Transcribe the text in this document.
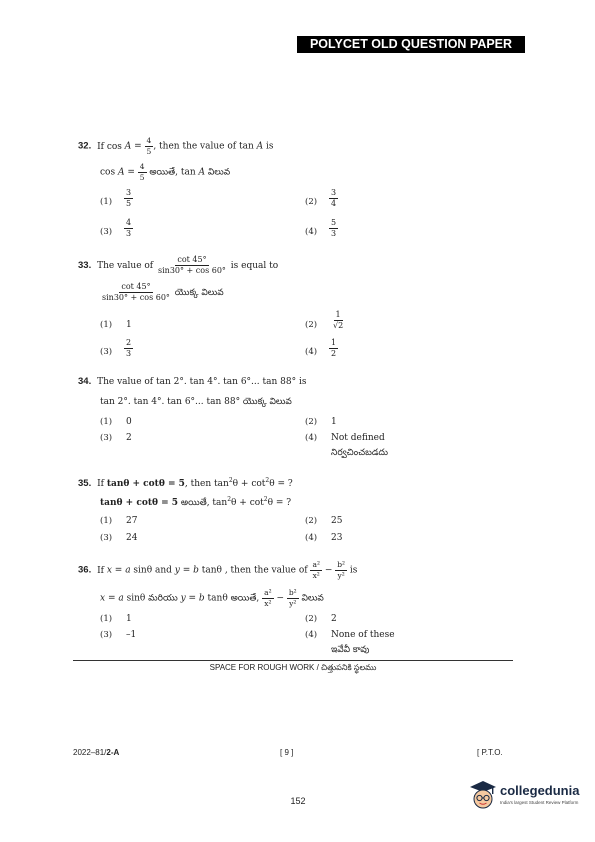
POLYCET OLD QUESTION PAPER
32. If $\cos A = \frac{4}{5}$ , then the value of tan A is
$\cos A = \frac{4}{5}$ అయితే, tan A విలువ
$(1) \frac{3}{5}$	$(2) \frac{3}{4}$
$(3) \frac{4}{3}$	$(4) \frac{5}{3}$
33. The value of $\frac{\cot 45^\circ}{\sin 30^\circ + \cos 60^\circ}$ is equal to
$\frac{\cot 45^\circ}{\sin 30^\circ + \cos 60^\circ}$ యొక్క విలువ
(1) 1	$(2) \frac{1}{√2}$
$(3) \frac{2}{3}$	$(4) \frac{1}{2}$
34. The value of tan 2°. tan 4°. tan 6°... tan 88° is
tan 2°. tan 4°. tan 6°... tan 88° యొక్క విలువ
(1) 0	(2) 1
(3) 2	(4) Not defined
నిర్వచించబడదు
35. If tanθ + cotθ = 5, then $\tan^2\theta + \cot^2\theta$ = ?
tanθ + cotθ = 5 అయితే, $\tan^2\theta + \cot^2\theta$ = ?
(1) 27	(2) 25
(3) 24	(4) 23
36. If x = a sinθ and y = b tanθ , then the value of $\frac{\text{a²}}{\text{x²}} - \frac{\text{b²}}{\text{y²}}$ is
x = a sinθ మరియు y = b tanθ అయితే, $\frac{\text{a²}}{\text{x²}} - \frac{\text{b²}}{\text{y²}}$ విలువ
(1) 1	(2) 2
(3) –1	(4) None of these
ఇవేవీ కావు
SPACE FOR ROUGH WORK / చిత్తుపనికి స్థలము
2022–81/2-A	[ 9 ]	[ P.T.O.
152
collegedunia
India's largest Student Review Platform
